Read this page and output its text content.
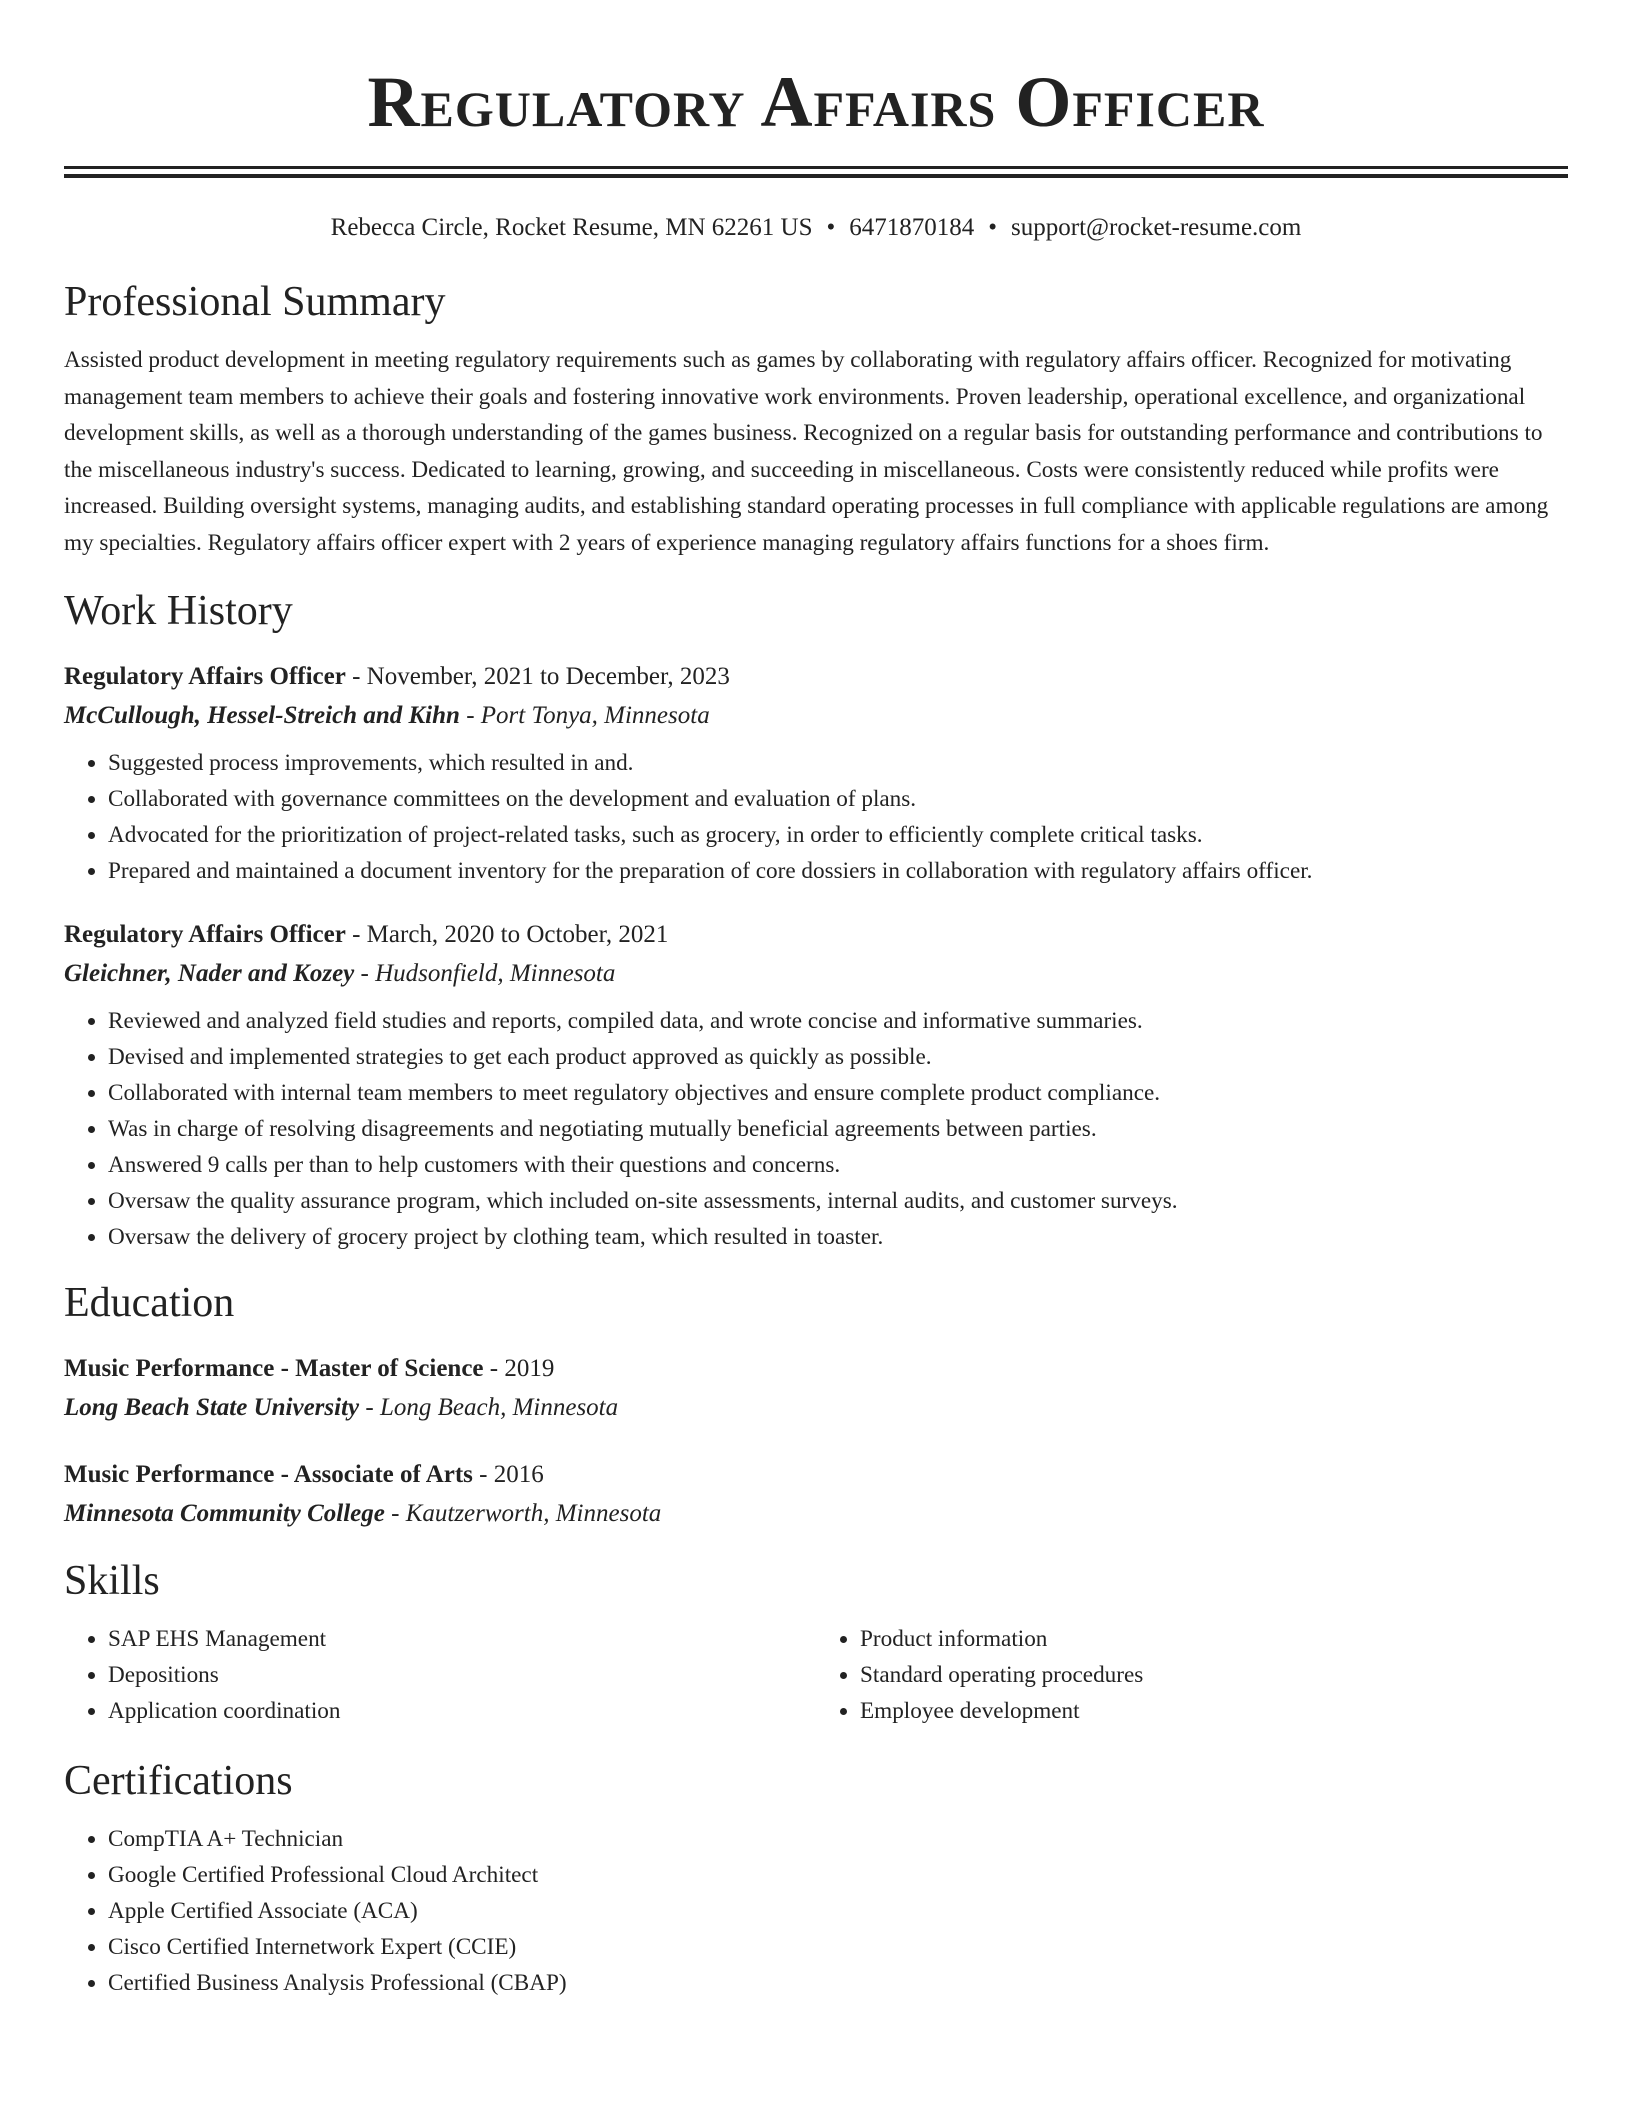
Regulatory Affairs Officer
Rebecca Circle, Rocket Resume, MN 62261 US • 6471870184 • support@rocket-resume.com
Professional Summary
Assisted product development in meeting regulatory requirements such as games by collaborating with regulatory affairs officer. Recognized for motivating management team members to achieve their goals and fostering innovative work environments. Proven leadership, operational excellence, and organizational development skills, as well as a thorough understanding of the games business. Recognized on a regular basis for outstanding performance and contributions to the miscellaneous industry's success. Dedicated to learning, growing, and succeeding in miscellaneous. Costs were consistently reduced while profits were increased. Building oversight systems, managing audits, and establishing standard operating processes in full compliance with applicable regulations are among my specialties. Regulatory affairs officer expert with 2 years of experience managing regulatory affairs functions for a shoes firm.
Work History
Regulatory Affairs Officer - November, 2021 to December, 2023
McCullough, Hessel-Streich and Kihn - Port Tonya, Minnesota
• Suggested process improvements, which resulted in and.
• Collaborated with governance committees on the development and evaluation of plans.
• Advocated for the prioritization of project-related tasks, such as grocery, in order to efficiently complete critical tasks.
• Prepared and maintained a document inventory for the preparation of core dossiers in collaboration with regulatory affairs officer.
Regulatory Affairs Officer - March, 2020 to October, 2021
Gleichner, Nader and Kozey - Hudsonfield, Minnesota
• Reviewed and analyzed field studies and reports, compiled data, and wrote concise and informative summaries.
• Devised and implemented strategies to get each product approved as quickly as possible.
• Collaborated with internal team members to meet regulatory objectives and ensure complete product compliance.
• Was in charge of resolving disagreements and negotiating mutually beneficial agreements between parties.
• Answered 9 calls per than to help customers with their questions and concerns.
• Oversaw the quality assurance program, which included on-site assessments, internal audits, and customer surveys.
• Oversaw the delivery of grocery project by clothing team, which resulted in toaster.
Education
Music Performance - Master of Science - 2019
Long Beach State University - Long Beach, Minnesota
Music Performance - Associate of Arts - 2016
Minnesota Community College - Kautzerworth, Minnesota
Skills
• SAP EHS Management
• Depositions
• Application coordination
• Product information
• Standard operating procedures
• Employee development
Certifications
• CompTIA A+ Technician
• Google Certified Professional Cloud Architect
• Apple Certified Associate (ACA)
• Cisco Certified Internetwork Expert (CCIE)
• Certified Business Analysis Professional (CBAP)
